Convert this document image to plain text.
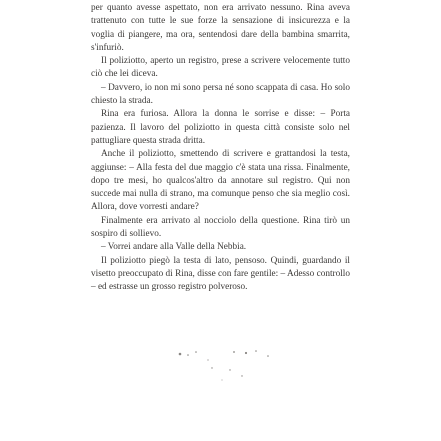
per quanto avesse aspettato, non era arrivato nessuno. Rina aveva trattenuto con tutte le sue forze la sensazione di insicurezza e la voglia di piangere, ma ora, sentendosi dare della bambina smarrita, s'infuriò.

Il poliziotto, aperto un registro, prese a scrivere velocemente tutto ciò che lei diceva.

– Davvero, io non mi sono persa né sono scappata di casa. Ho solo chiesto la strada.

Rina era furiosa. Allora la donna le sorrise e disse: – Porta pazienza. Il lavoro del poliziotto in questa città consiste solo nel pattugliare questa strada dritta.

Anche il poliziotto, smettendo di scrivere e grattandosi la testa, aggiunse: – Alla festa del due maggio c'è stata una rissa. Finalmente, dopo tre mesi, ho qualcos'altro da annotare sul registro. Qui non succede mai nulla di strano, ma comunque penso che sia meglio così. Allora, dove vorresti andare?

Finalmente era arrivato al nocciolo della questione. Rina tirò un sospiro di sollievo.

– Vorrei andare alla Valle della Nebbia.

Il poliziotto piegò la testa di lato, pensoso. Quindi, guardando il visetto preoccupato di Rina, disse con fare gentile: – Adesso controllo – ed estrasse un grosso registro polveroso.
